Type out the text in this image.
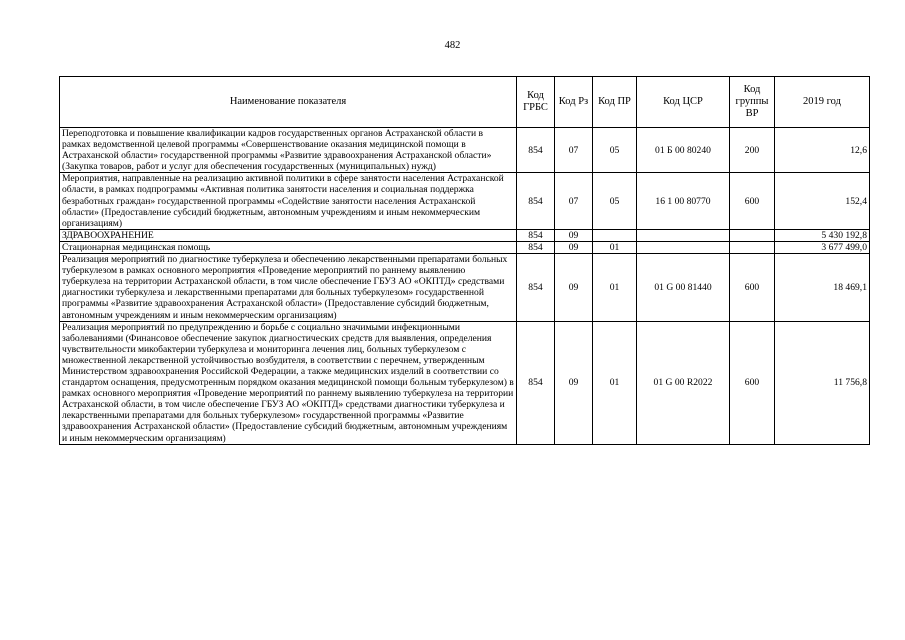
482
Наименование показателя	Код ГРБС	Код Рз	Код ПР	Код ЦСР	Код группы ВР	2019 год
Переподготовка и повышение квалификации кадров государственных органов Астраханской области в рамках ведомственной целевой программы «Совершенствование оказания медицинской помощи в Астраханской области» государственной программы «Развитие здравоохранения Астраханской области» (Закупка товаров, работ и услуг для обеспечения государственных (муниципальных) нужд)	854	07	05	01 Б 00 80240	200	12,6
Мероприятия, направленные на реализацию активной политики в сфере занятости населения Астраханской области, в рамках подпрограммы «Активная политика занятости населения и социальная поддержка безработных граждан» государственной программы «Содействие занятости населения Астраханской области» (Предоставление субсидий бюджетным, автономным учреждениям и иным некоммерческим организациям)	854	07	05	16 1 00 80770	600	152,4
ЗДРАВООХРАНЕНИЕ	854	09				5 430 192,8
Стационарная медицинская помощь	854	09	01			3 677 499,0
Реализация мероприятий по диагностике туберкулеза и обеспечению лекарственными препаратами больных туберкулезом в рамках основного мероприятия «Проведение мероприятий по раннему выявлению туберкулеза на территории Астраханской области, в том числе обеспечение ГБУЗ АО «ОКПТД» средствами диагностики туберкулеза и лекарственными препаратами для больных туберкулезом» государственной программы «Развитие здравоохранения Астраханской области» (Предоставление субсидий бюджетным, автономным учреждениям и иным некоммерческим организациям)	854	09	01	01 G 00 81440	600	18 469,1
Реализация мероприятий по предупреждению и борьбе с социально значимыми инфекционными заболеваниями (Финансовое обеспечение закупок диагностических средств для выявления, определения чувствительности микобактерии туберкулеза и мониторинга лечения лиц, больных туберкулезом с множественной лекарственной устойчивостью возбудителя, в соответствии с перечнем, утвержденным Министерством здравоохранения Российской Федерации, а также медицинских изделий в соответствии со стандартом оснащения, предусмотренным порядком оказания медицинской помощи больным туберкулезом) в рамках основного мероприятия «Проведение мероприятий по раннему выявлению туберкулеза на территории Астраханской области, в том числе обеспечение ГБУЗ АО «ОКПТД» средствами диагностики туберкулеза и лекарственными препаратами для больных туберкулезом» государственной программы «Развитие здравоохранения Астраханской области» (Предоставление субсидий бюджетным, автономным учреждениям и иным некоммерческим организациям)	854	09	01	01 G 00 R2022	600	11 756,8
